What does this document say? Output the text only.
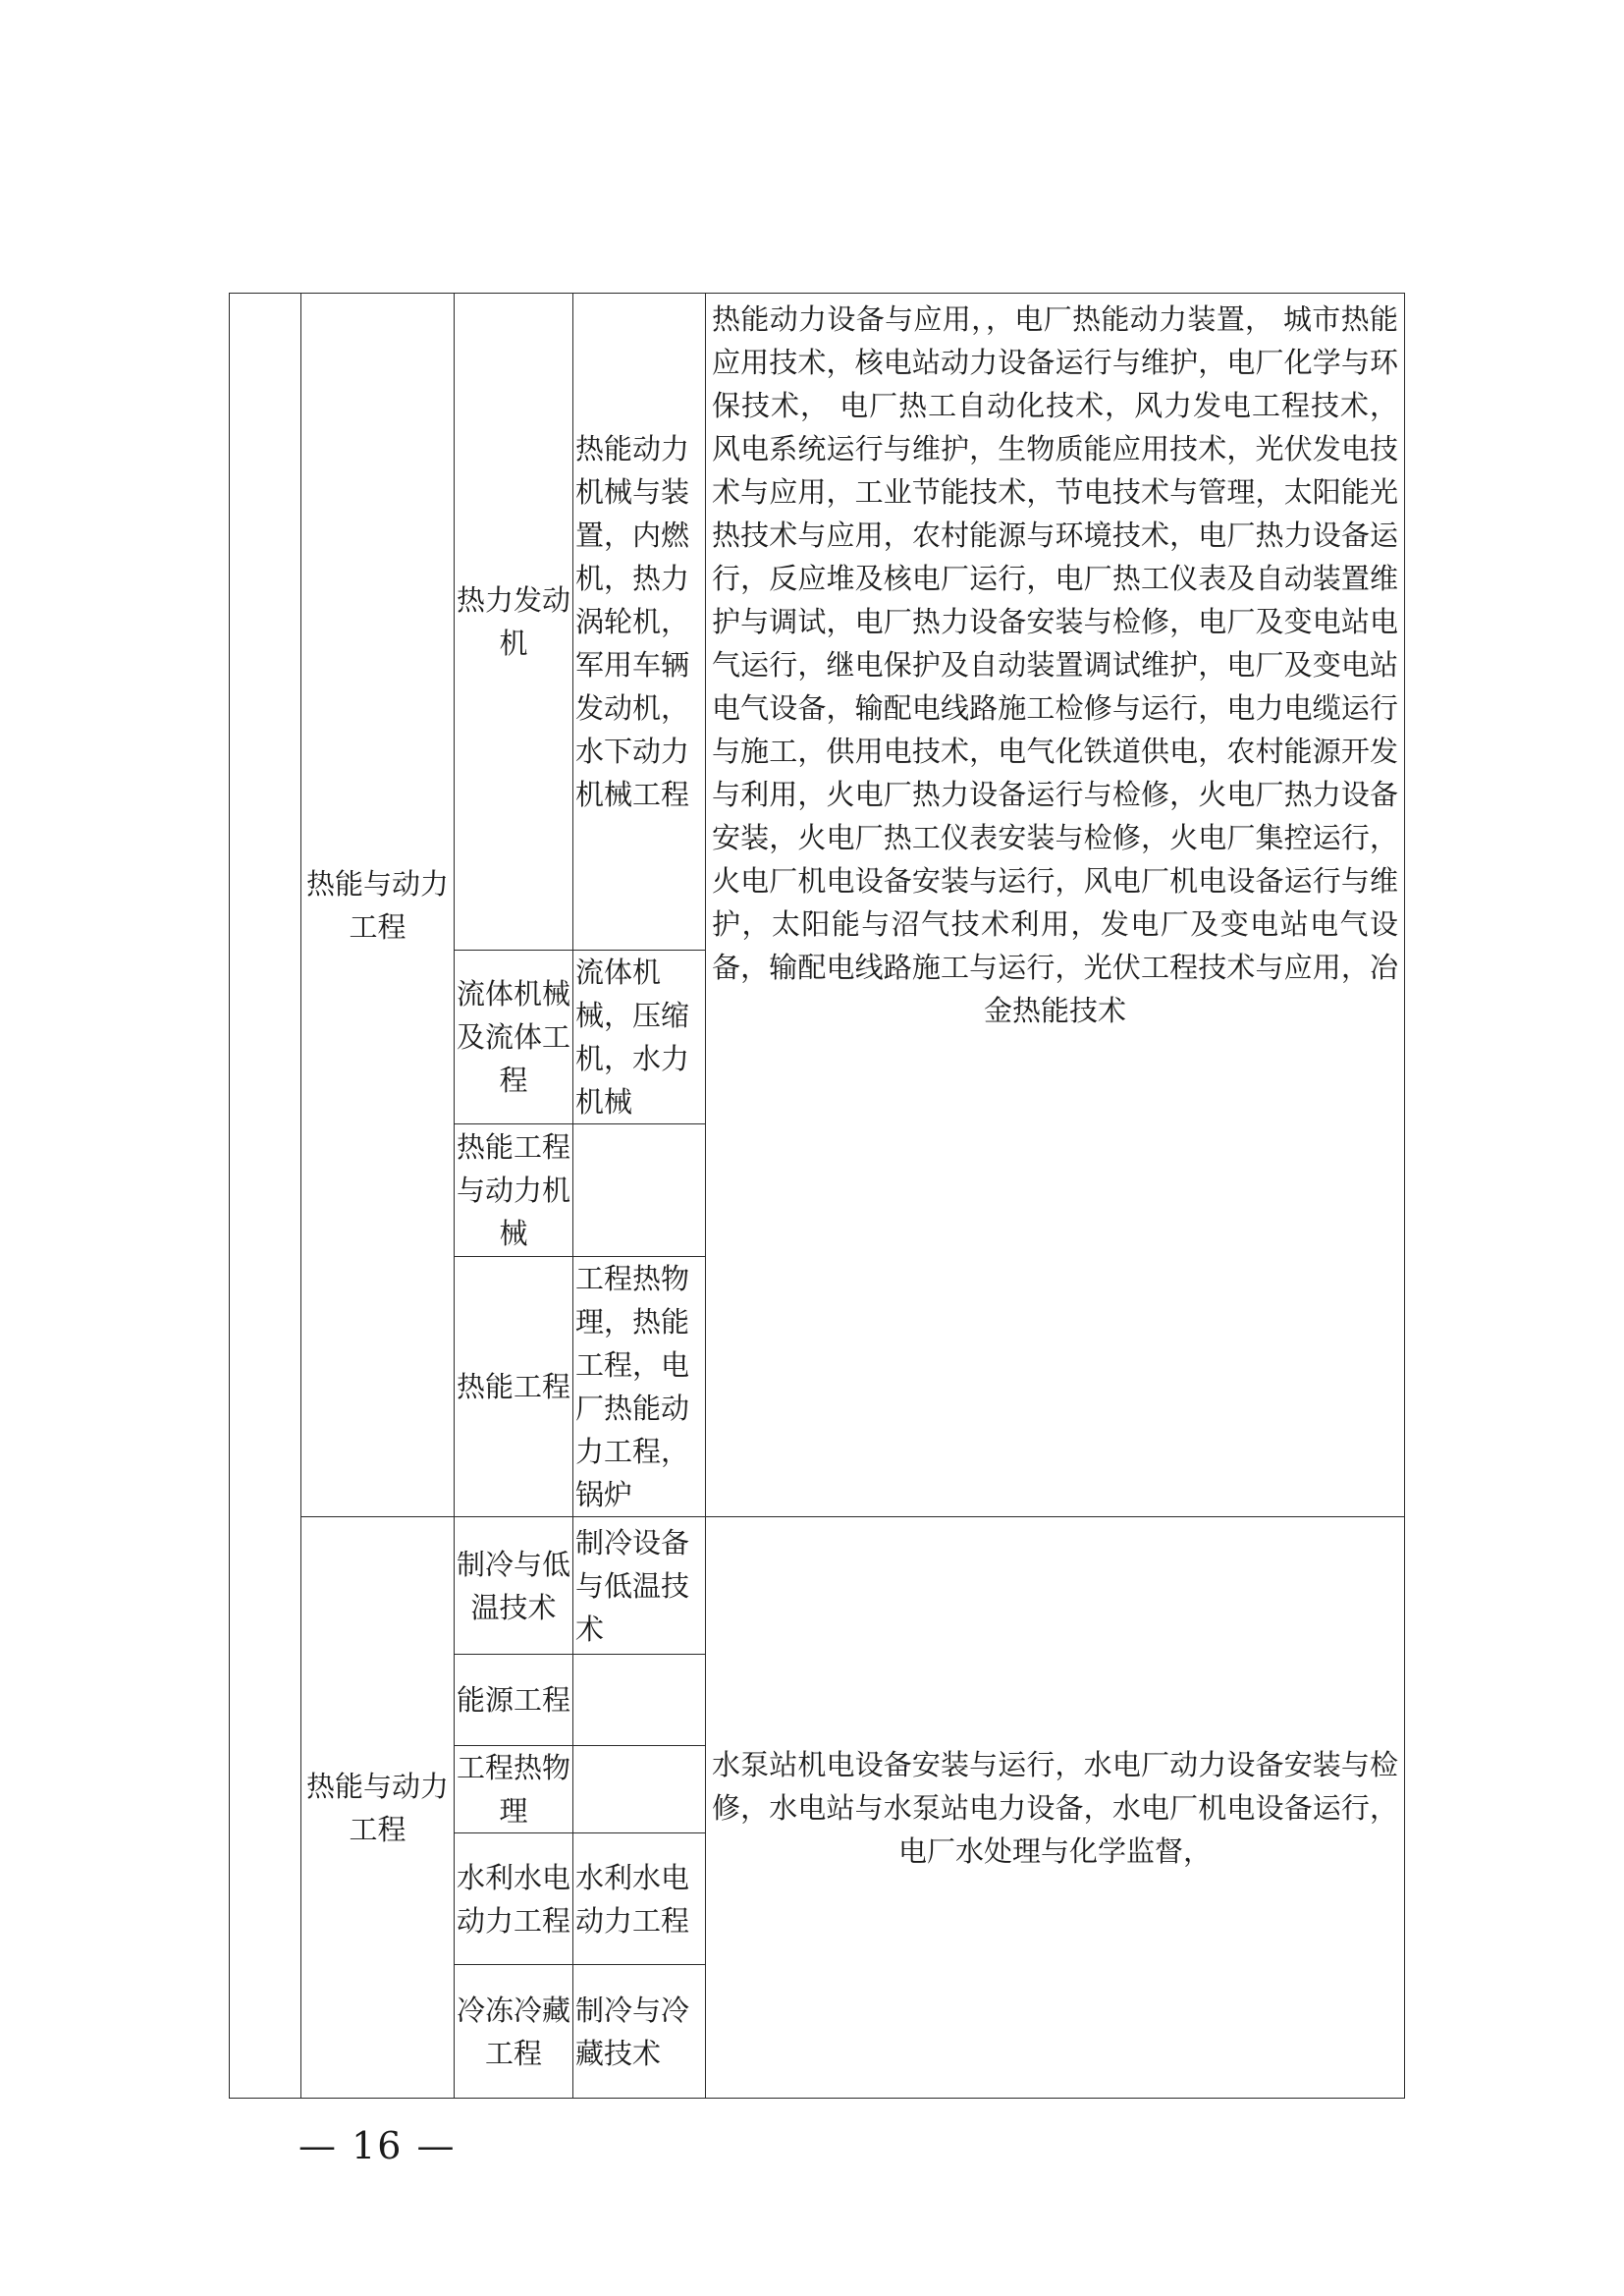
	热能与动力工程	热力发动机	热能动力机械与装置，内燃机，热力涡轮机，军用车辆发动机，水下动力机械工程	热能动力设备与应用，，电厂热能动力装置， 城市热能应用技术，核电站动力设备运行与维护，电厂化学与环保技术， 电厂热工自动化技术，风力发电工程技术，风电系统运行与维护，生物质能应用技术，光伏发电技术与应用，工业节能技术，节电技术与管理，太阳能光热技术与应用，农村能源与环境技术，电厂热力设备运行，反应堆及核电厂运行，电厂热工仪表及自动装置维护与调试，电厂热力设备安装与检修，电厂及变电站电气运行，继电保护及自动装置调试维护，电厂及变电站电气设备，输配电线路施工检修与运行，电力电缆运行与施工，供用电技术，电气化铁道供电，农村能源开发与利用，火电厂热力设备运行与检修，火电厂热力设备安装，火电厂热工仪表安装与检修，火电厂集控运行， 火电厂机电设备安装与运行，风电厂机电设备运行与维护，太阳能与沼气技术利用，发电厂及变电站电气设备，输配电线路施工与运行，光伏工程技术与应用，冶金热能技术
		流体机械及流体工程	流体机械，压缩机，水力机械	
		热能工程与动力机械		
		热能工程	工程热物理，热能工程，电厂热能动力工程，锅炉	
	热能与动力工程	制冷与低温技术	制冷设备与低温技术	水泵站机电设备安装与运行，水电厂动力设备安装与检修，水电站与水泵站电力设备，水电厂机电设备运行，电厂水处理与化学监督，
		能源工程		
		工程热物理		
		水利水电动力工程	水利水电动力工程	
		冷冻冷藏工程	制冷与冷藏技术	
— 16 —
